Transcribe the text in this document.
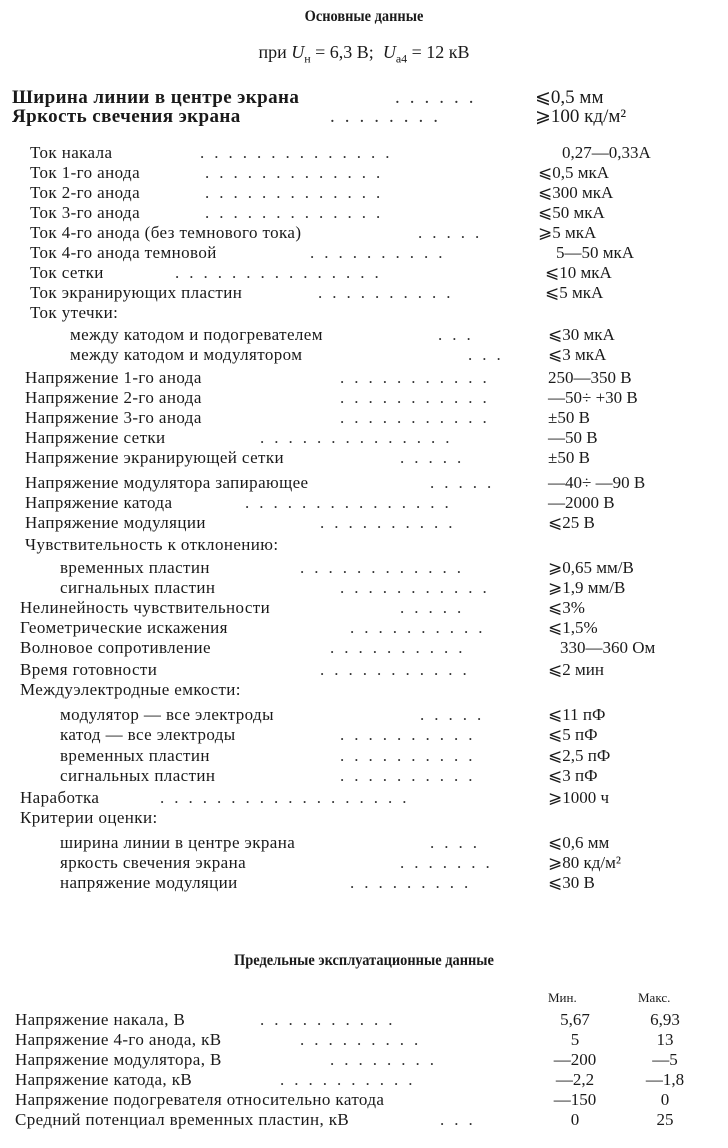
Основные данные
при $U_н = 6,3$ В; $U_{а4} = 12$ кВ
Ширина линии в центре экрана	......	⩽0,5 мм
Яркость свечения экрана	........	⩾100 кд/м²
Ток накала	..............	0,27—0,33А
Ток 1-го анода	.............	⩽0,5 мкА
Ток 2-го анода	.............	⩽300 мкА
Ток 3-го анода	.............	⩽50 мкА
Ток 4-го анода (без темнового тока)	.....	⩾5 мкА
Ток 4-го анода темновой	..........	5—50 мкА
Ток сетки	...............	⩽10 мкА
Ток экранирующих пластин	..........	⩽5 мкА
Ток утечки:
между катодом и подогревателем	...	⩽30 мкА
между катодом и модулятором	... ⩽3 мкА
Напряжение 1-го анода	...........	250—350 В
Напряжение 2-го анода	...........	—50÷ +30 В
Напряжение 3-го анода	...........	±50 В
Напряжение сетки	..............	—50 В
Напряжение экранирующей сетки	.....	±50 В
Напряжение модулятора запирающее	.....	—40÷ —90 В
Напряжение катода	...............	—2000 В
Напряжение модуляции	..........	⩽25 В
Чувствительность к отклонению:
временных пластин	............	⩾0,65 мм/В
сигнальных пластин	...........	⩾1,9 мм/В
Нелинейность чувствительности	.....	⩽3%
Геометрические искажения	..........	⩽1,5%
Волновое сопротивление	..........	330—360 Ом
Время готовности	...........	⩽2 мин
Междуэлектродные емкости:
модулятор — все электроды	.....	⩽11 пФ
катод — все электроды	..........	⩽5 пФ
временных пластин	..........	⩽2,5 пФ
сигнальных пластин	..........	⩽3 пФ
Наработка	..................	⩾1000 ч
Критерии оценки:
ширина линии в центре экрана	....	⩽0,6 мм
яркость свечения экрана	.......	⩾80 кд/м²
напряжение модуляции	.........	⩽30 В
Предельные эксплуатационные данные
Мин.	Макс.
Напряжение накала, В	..........	5,67	6,93
Напряжение 4-го анода, кВ	.........	5	13
Напряжение модулятора, В	........	—200	—5
Напряжение катода, кВ	..........	—2,2	—1,8
Напряжение подогревателя относительно катода	—150	0
Средний потенциал временных пластин, кВ	...	0	25
